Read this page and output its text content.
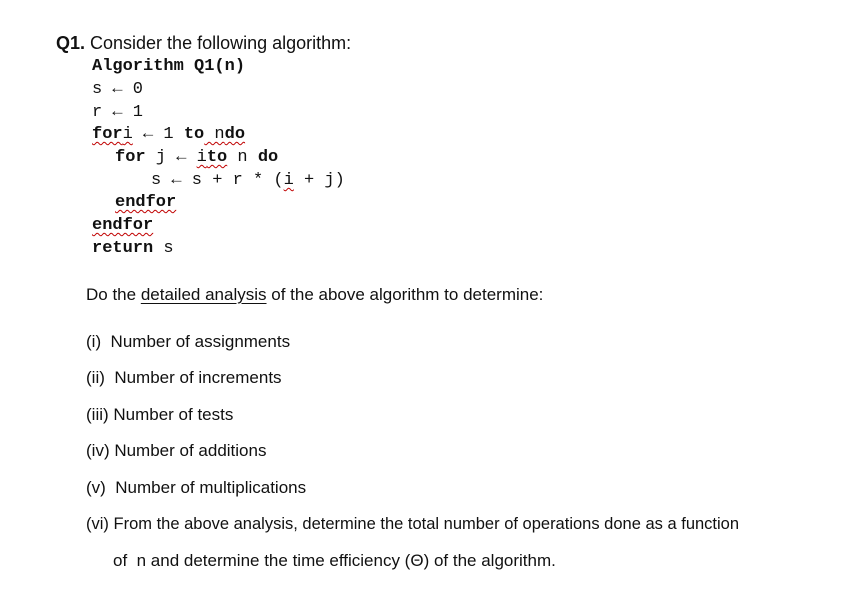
Q1. Consider the following algorithm:
Algorithm Q1(n)
s ← 0
r ← 1
fori ← 1 to ndo
for j ← ito n do
s ← s + r * (i + j)
endfor
endfor
return s
Do the detailed analysis of the above algorithm to determine:
(i)  Number of assignments
(ii)  Number of increments
(iii) Number of tests
(iv) Number of additions
(v)  Number of multiplications
(vi) From the above analysis, determine the total number of operations done as a function
of  n and determine the time efficiency (Θ) of the algorithm.
